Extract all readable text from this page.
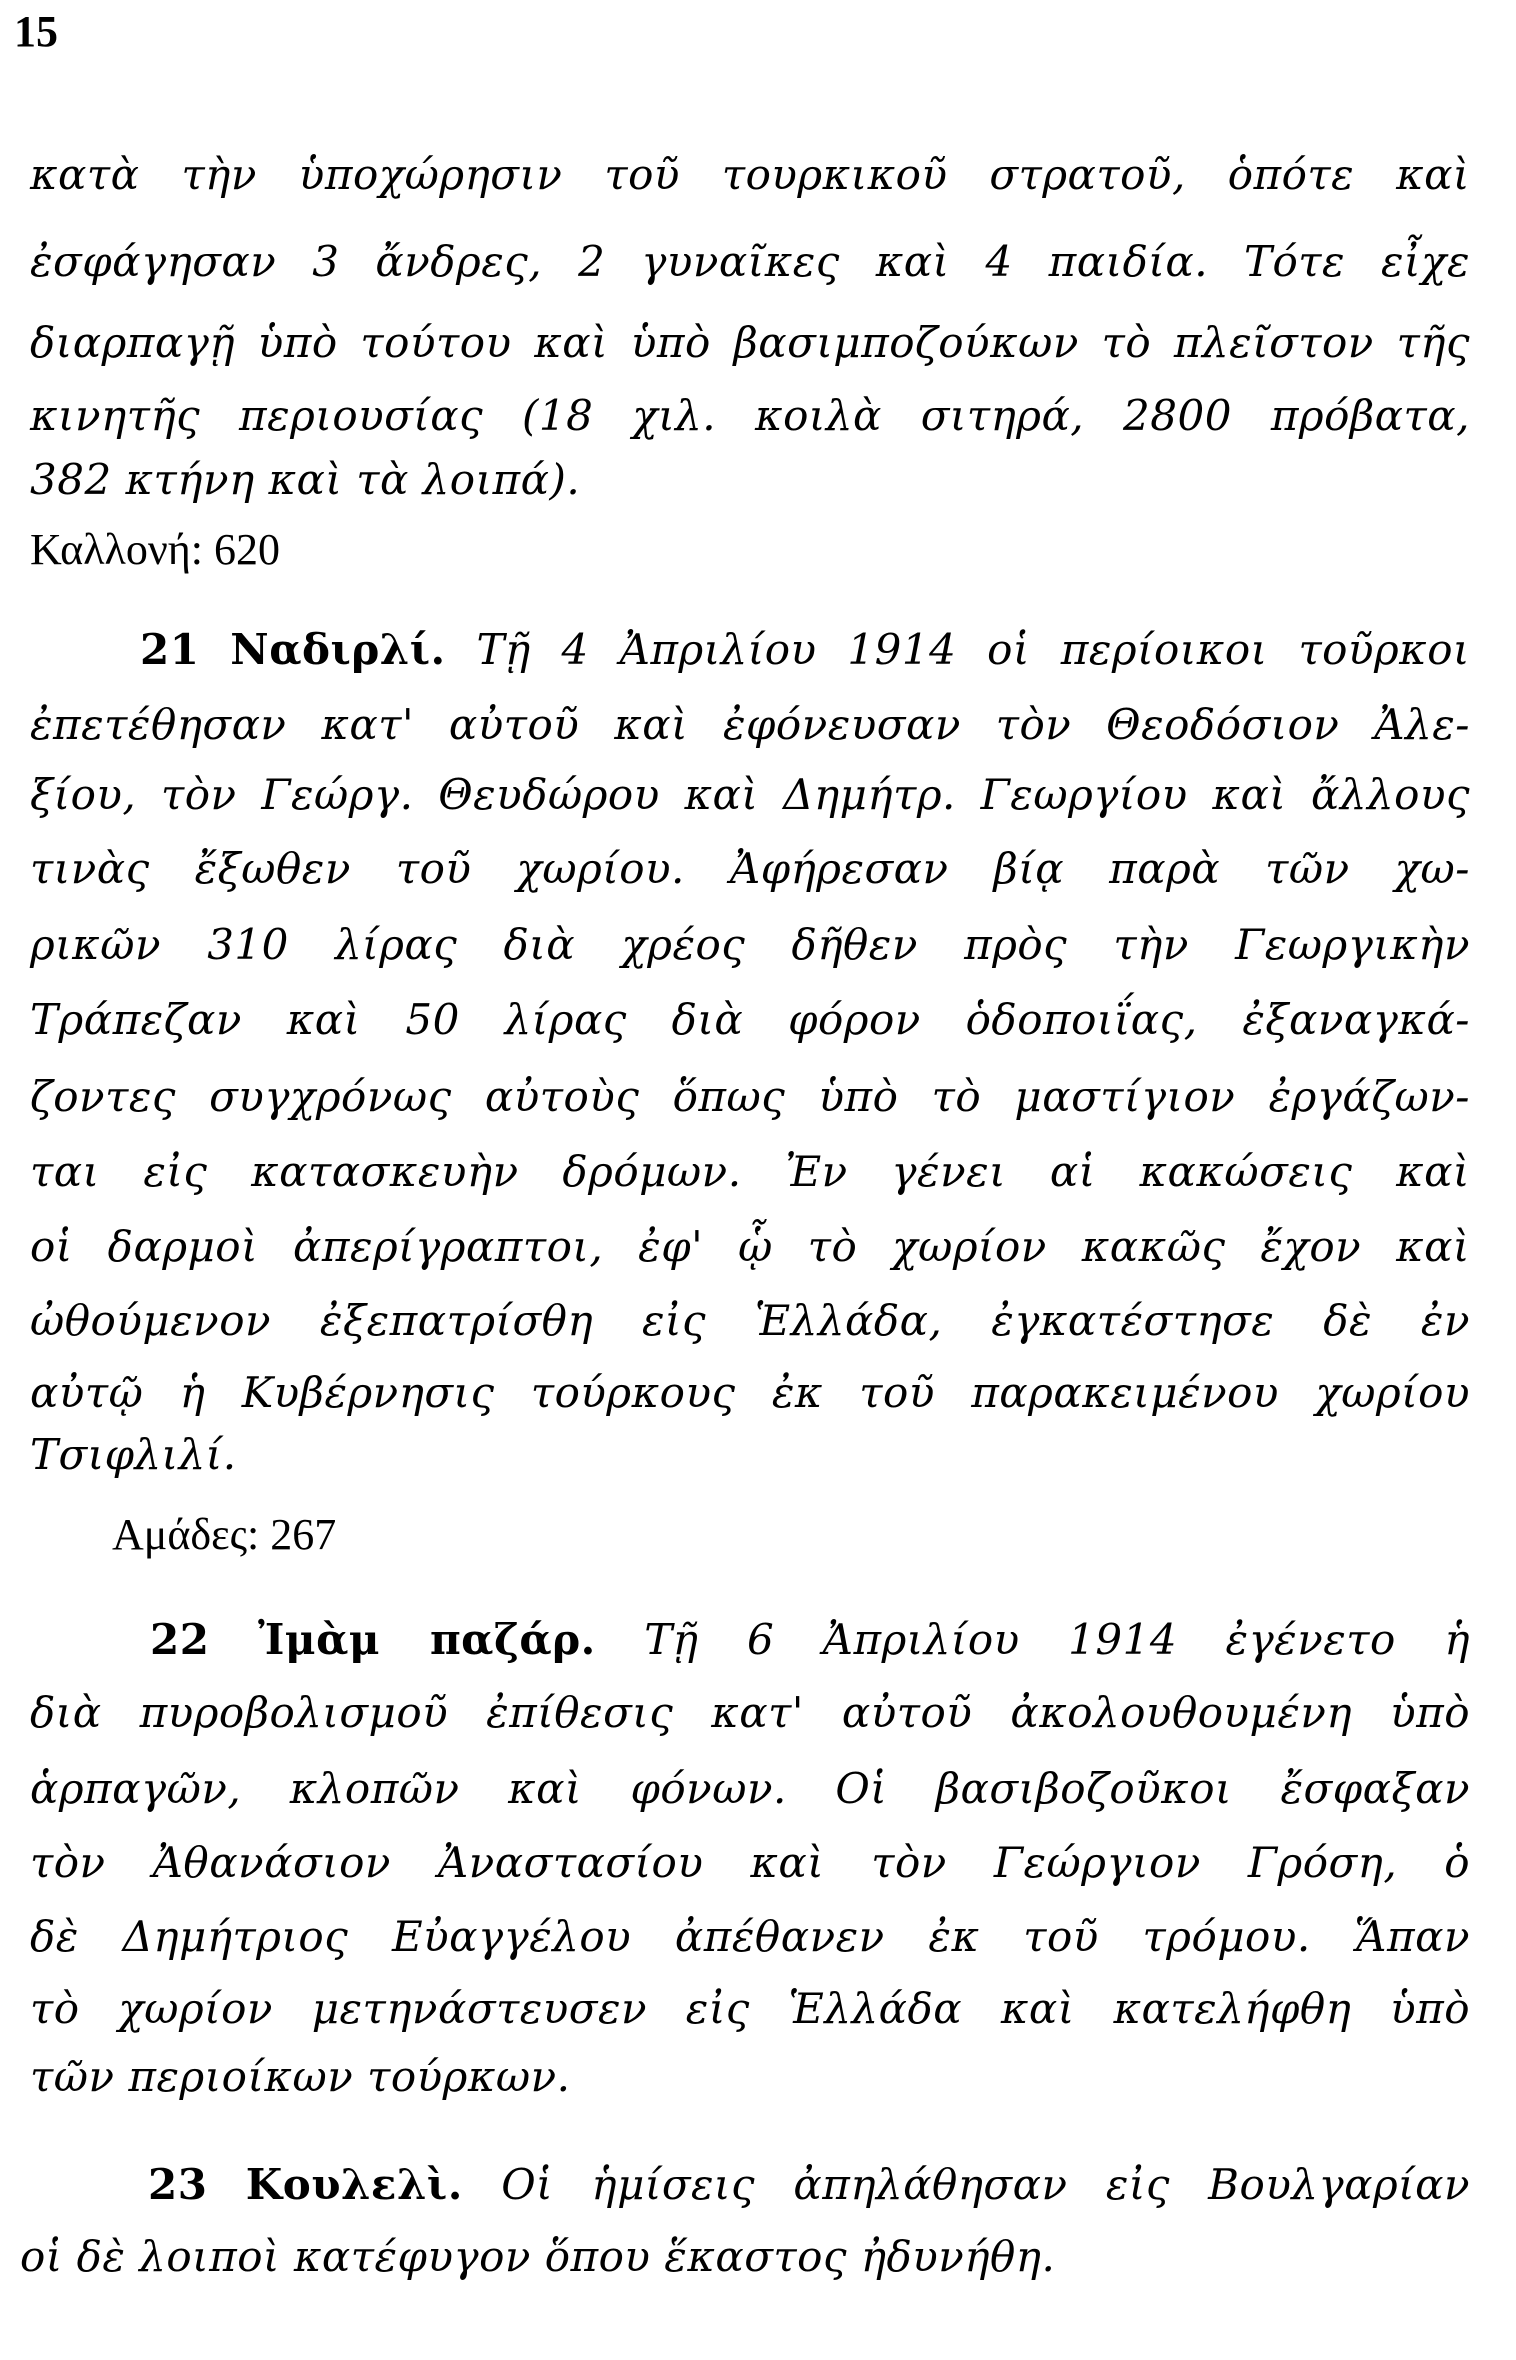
15
κατὰ τὴν ὑποχώρησιν τοῦ τουρκικοῦ στρατοῦ, ὁπότε καὶ
ἐσφάγησαν 3 ἄνδρες, 2 γυναῖκες καὶ 4 παιδία. Τότε εἶχε
διαρπαγῇ ὑπὸ τούτου καὶ ὑπὸ βασιμποζούκων τὸ πλεῖστον τῆς
κινητῆς περιουσίας (18 χιλ. κοιλὰ σιτηρά, 2800 πρόβατα,
382 κτήνη καὶ τὰ λοιπά).
Καλλονή: 620
21 Ναδιρλί. Τῇ 4 Ἀπριλίου 1914 οἱ περίοικοι τοῦρκοι
ἐπετέθησαν κατ' αὐτοῦ καὶ ἐφόνευσαν τὸν Θεοδόσιον Ἀλε-
ξίου, τὸν Γεώργ. Θευδώρου καὶ Δημήτρ. Γεωργίου καὶ ἄλλους
τινὰς ἔξωθεν τοῦ χωρίου. Ἀφήρεσαν βίᾳ παρὰ τῶν χω-
ρικῶν 310 λίρας διὰ χρέος δῆθεν πρὸς τὴν Γεωργικὴν
Τράπεζαν καὶ 50 λίρας διὰ φόρον ὁδοποιΐας, ἐξαναγκά-
ζοντες συγχρόνως αὐτοὺς ὅπως ὑπὸ τὸ μαστίγιον ἐργάζων-
ται εἰς κατασκευὴν δρόμων. Ἐν γένει αἱ κακώσεις καὶ
οἱ δαρμοὶ ἀπερίγραπτοι, ἐφ' ᾧ τὸ χωρίον κακῶς ἔχον καὶ
ὠθούμενον ἐξεπατρίσθη εἰς Ἑλλάδα, ἐγκατέστησε δὲ ἐν
αὐτῷ ἡ Κυβέρνησις τούρκους ἐκ τοῦ παρακειμένου χωρίου
Τσιφλιλί.
Αμάδες: 267
22 Ἰμὰμ παζάρ. Τῇ 6 Ἀπριλίου 1914 ἐγένετο ἡ
διὰ πυροβολισμοῦ ἐπίθεσις κατ' αὐτοῦ ἀκολουθουμένη ὑπὸ
ἁρπαγῶν, κλοπῶν καὶ φόνων. Οἱ βασιβοζοῦκοι ἔσφαξαν
τὸν Ἀθανάσιον Ἀναστασίου καὶ τὸν Γεώργιον Γρόση, ὁ
δὲ Δημήτριος Εὐαγγέλου ἀπέθανεν ἐκ τοῦ τρόμου. Ἅπαν
τὸ χωρίον μετηνάστευσεν εἰς Ἑλλάδα καὶ κατελήφθη ὑπὸ
τῶν περιοίκων τούρκων.
23 Κουλελὶ. Οἱ ἡμίσεις ἀπηλάθησαν εἰς Βουλγαρίαν
οἱ δὲ λοιποὶ κατέφυγον ὅπου ἕκαστος ἠδυνήθη.
